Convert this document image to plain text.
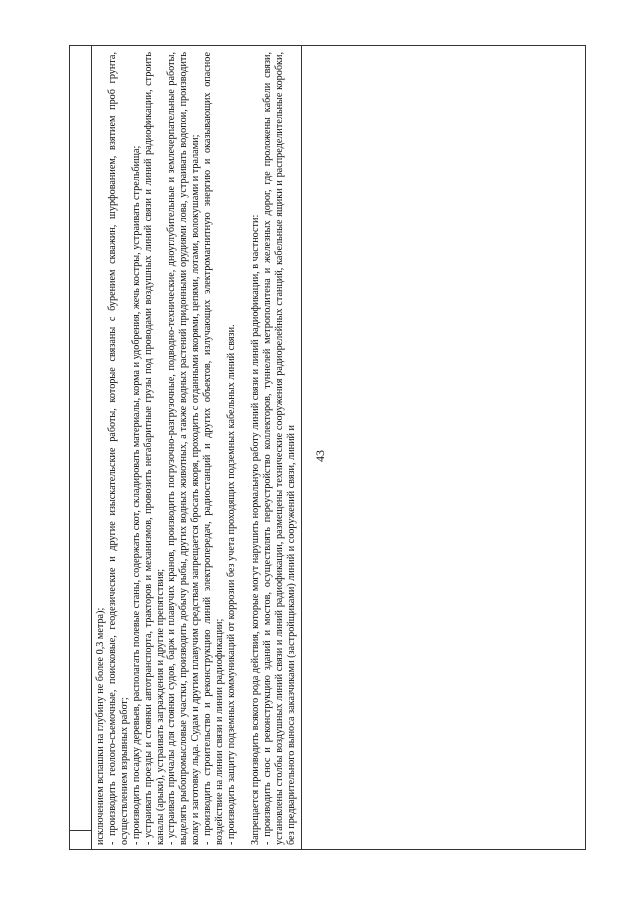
43

исключением вспашки на глубину не более 0,3 метра); - производить геолого-съемочные, поисковые, геодезические и другие изыскательские работы, которые связаны с бурением скважин, шурфованием, взятием проб грунта, осуществлением взрывных работ; - производить посадку деревьев, располагать полевые станы, содержать скот, складировать материалы, корма и удобрения, жечь костры, устраивать стрельбища; - устраивать проезды и стоянки автотранспорта, тракторов и механизмов, провозить негабаритные грузы под проводами воздушных линий связи и линий радиофикации, строить каналы (арыки), устраивать заграждения и другие препятствия; - устраивать причалы для стоянки судов, барж и плавучих кранов, производить погрузочно-разгрузочные, подводно-технические, дноуглубительные и землечерпательные работы, выделять рыбопромысловые участки, производить добычу рыбы, других водных животных, а также водных растений придонными орудиями лова, устраивать водопои, производить колку и заготовку льда. Судам и другим плавучим средствам запрещается бросать якоря, проходить с отданными якорями, цепями, лотами, волокушами и тралами; - производить строительство и реконструкцию линий электропередач, радиостанций и других объектов, излучающих электромагнитную энергию и оказывающих опасное воздействие на линии связи и линии радиофикации; - производить защиту подземных коммуникаций от коррозии без учета проходящих подземных кабельных линий связи. Запрещается производить всякого рода действия, которые могут нарушить нормальную работу линий связи и линий радиофикации, в частности: - производить снос и реконструкцию зданий и мостов, осуществлять переустройство коллекторов, туннелей метрополитена и железных дорог, где проложены кабели связи, установлены столбы воздушных линий связи и линий радиофикации, размещены технические сооружения радиорелейных станций, кабельные ящики и распределительные коробки, без предварительного выноса заказчиками (застройщиками) линий и сооружений связи, линий и
